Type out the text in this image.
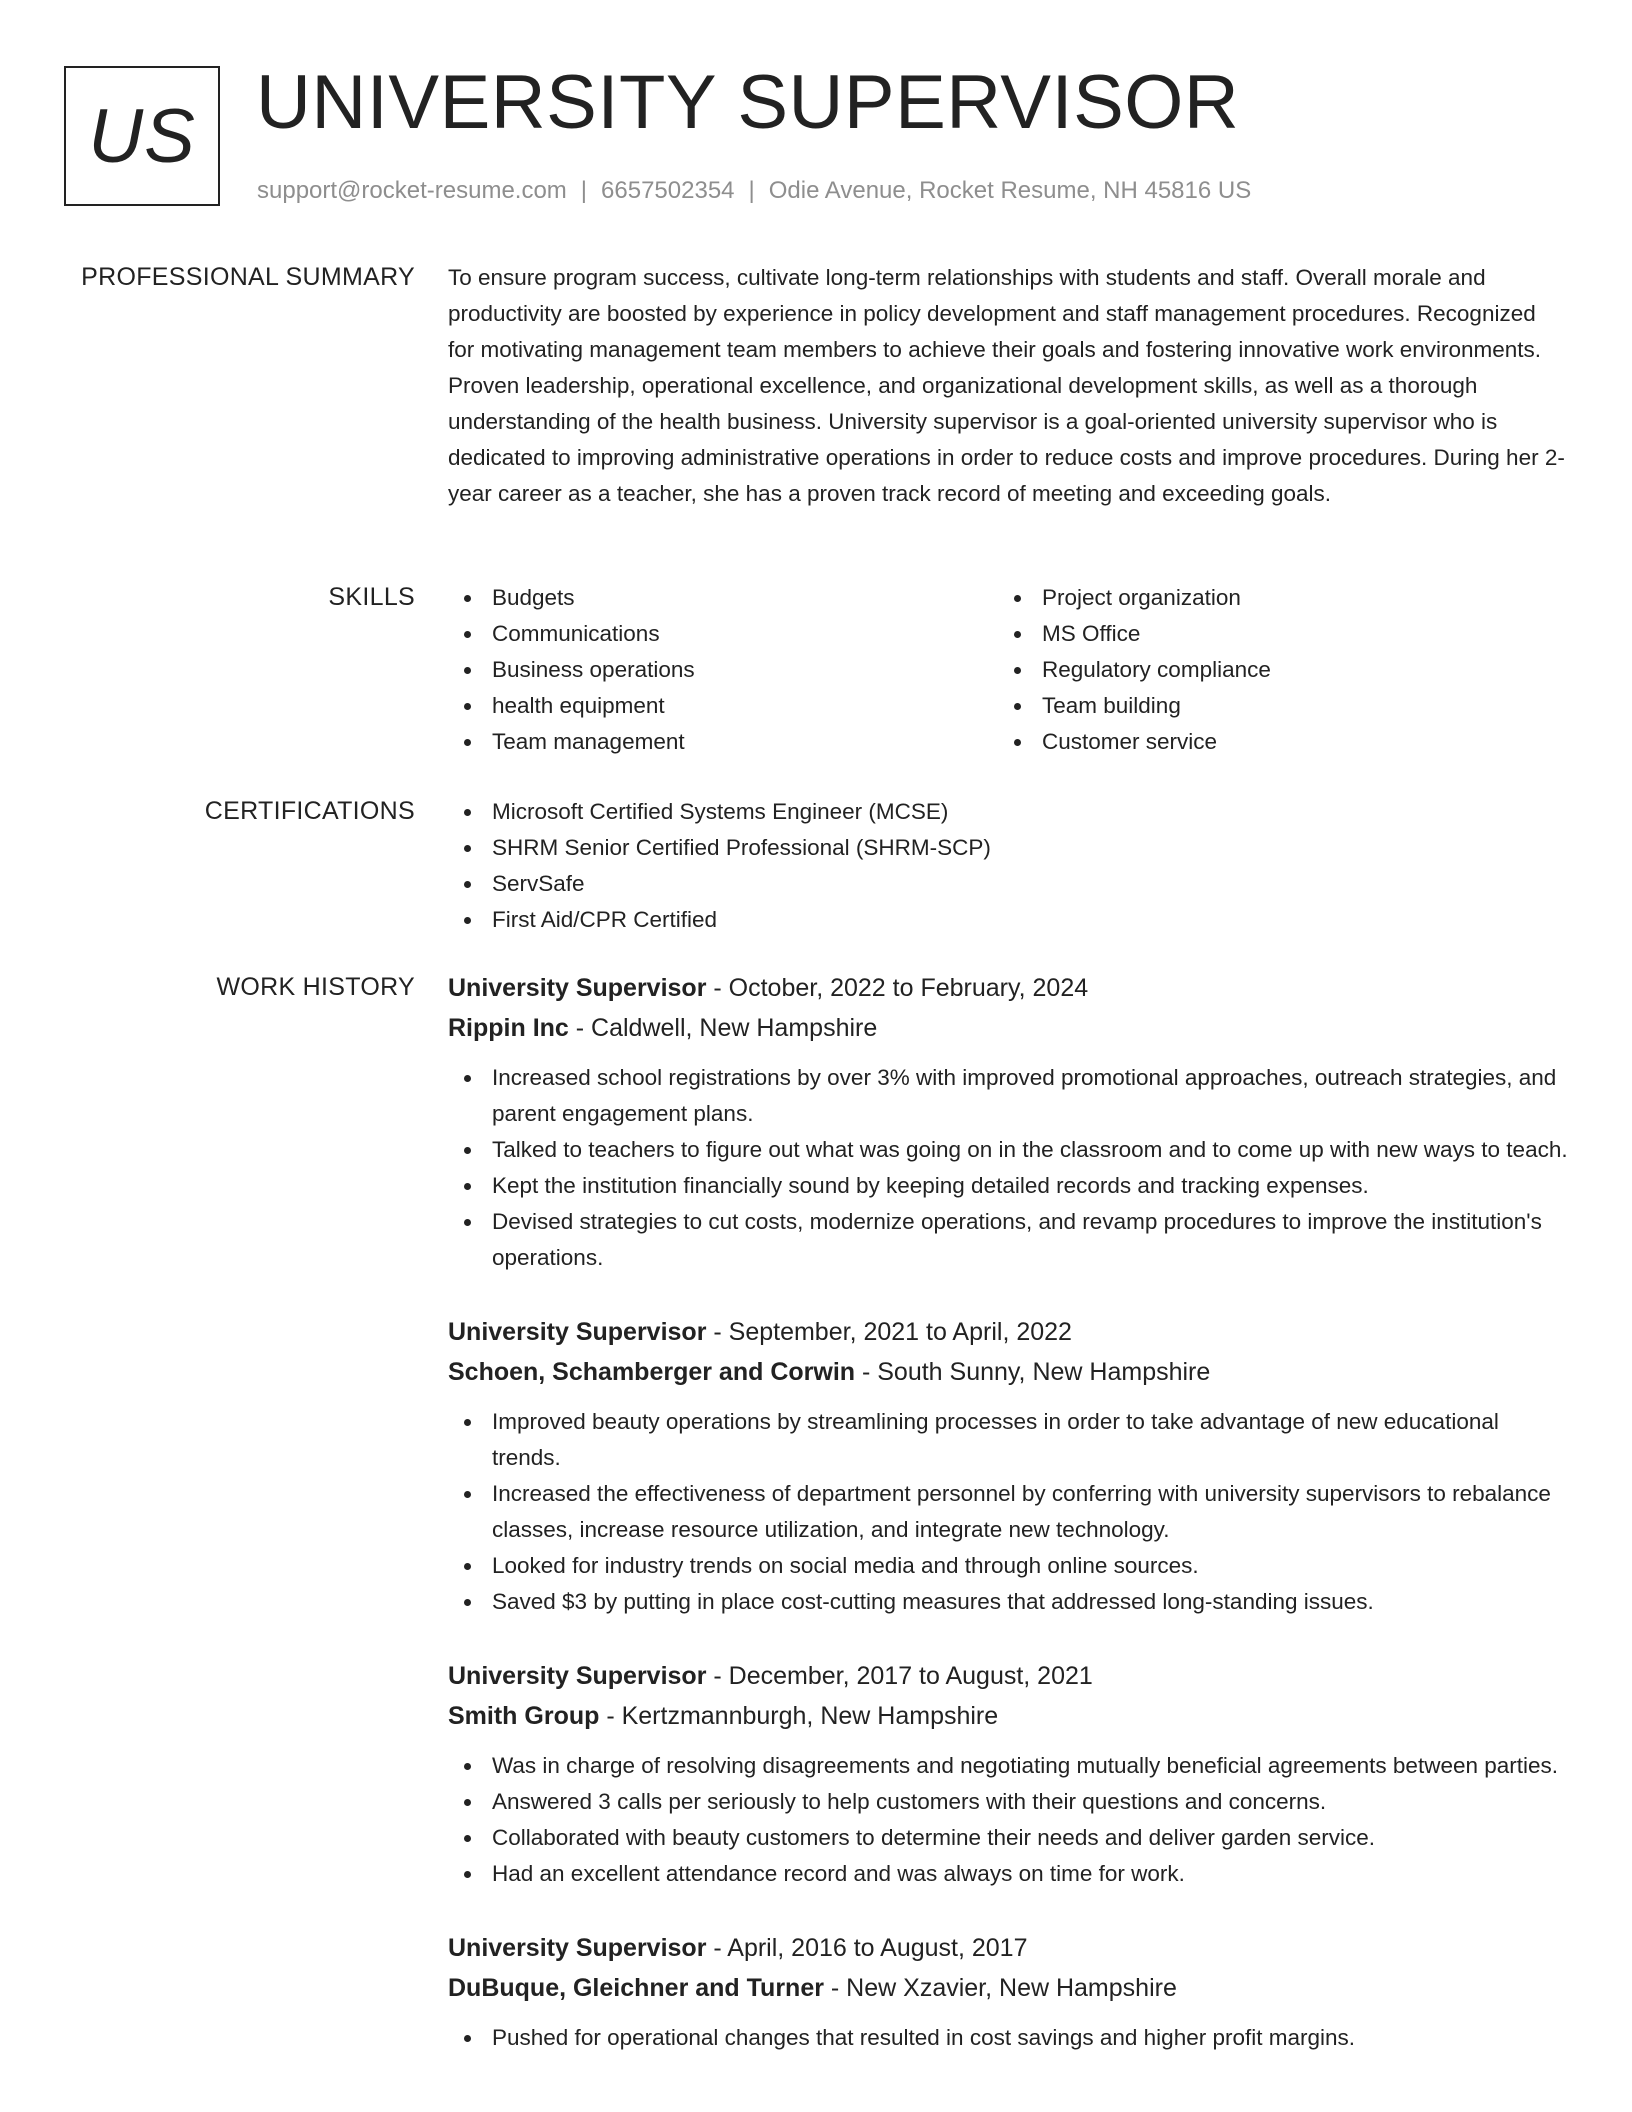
US UNIVERSITY SUPERVISOR
support@rocket-resume.com | 6657502354 | Odie Avenue, Rocket Resume, NH 45816 US
PROFESSIONAL SUMMARY To ensure program success, cultivate long-term relationships with students and staff. Overall morale and productivity are boosted by experience in policy development and staff management procedures. Recognized for motivating management team members to achieve their goals and fostering innovative work environments. Proven leadership, operational excellence, and organizational development skills, as well as a thorough understanding of the health business. University supervisor is a goal-oriented university supervisor who is dedicated to improving administrative operations in order to reduce costs and improve procedures. During her 2-year career as a teacher, she has a proven track record of meeting and exceeding goals.

SKILLS	Budgets
Communications
Business operations
health equipment
Team management
Project organization
MS Office
Regulatory compliance
Team building
Customer service
CERTIFICATIONS	Microsoft Certified Systems Engineer (MCSE)
SHRM Senior Certified Professional (SHRM-SCP)
ServSafe
First Aid/CPR Certified
WORK HISTORY University Supervisor - October, 2022 to February, 2024
Rippin Inc - Caldwell, New Hampshire
Increased school registrations by over 3% with improved promotional approaches, outreach strategies, and parent engagement plans.
Talked to teachers to figure out what was going on in the classroom and to come up with new ways to teach.
Kept the institution financially sound by keeping detailed records and tracking expenses.
Devised strategies to cut costs, modernize operations, and revamp procedures to improve the institution's operations.
University Supervisor - September, 2021 to April, 2022
Schoen, Schamberger and Corwin - South Sunny, New Hampshire
Improved beauty operations by streamlining processes in order to take advantage of new educational trends.
Increased the effectiveness of department personnel by conferring with university supervisors to rebalance classes, increase resource utilization, and integrate new technology.
Looked for industry trends on social media and through online sources.
Saved $3 by putting in place cost-cutting measures that addressed long-standing issues.
University Supervisor - December, 2017 to August, 2021
Smith Group - Kertzmannburgh, New Hampshire
Was in charge of resolving disagreements and negotiating mutually beneficial agreements between parties.
Answered 3 calls per seriously to help customers with their questions and concerns.
Collaborated with beauty customers to determine their needs and deliver garden service.
Had an excellent attendance record and was always on time for work.
University Supervisor - April, 2016 to August, 2017
DuBuque, Gleichner and Turner - New Xzavier, New Hampshire
Pushed for operational changes that resulted in cost savings and higher profit margins.
